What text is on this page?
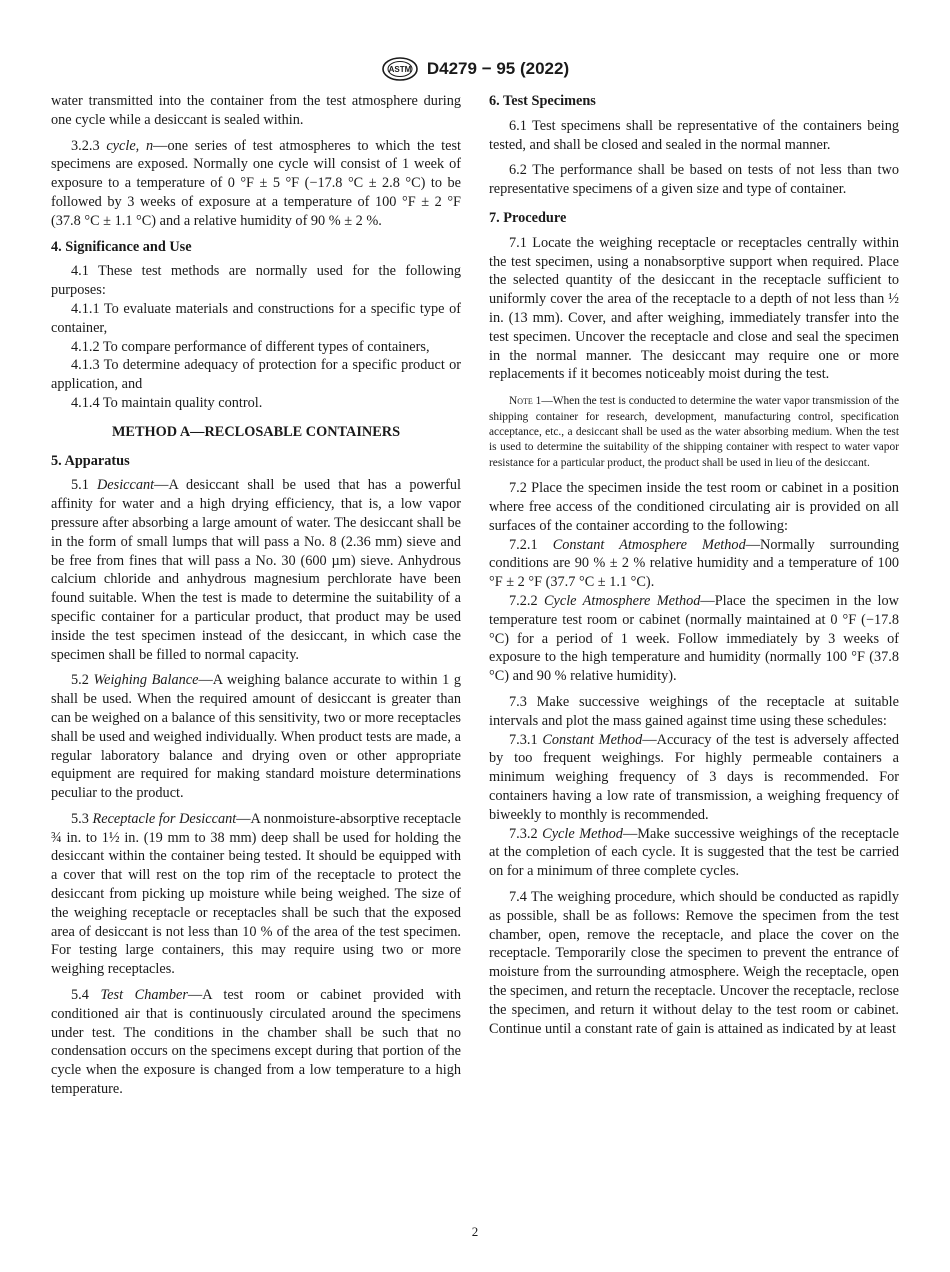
ASTM D4279 − 95 (2022)

water transmitted into the container from the test atmosphere during one cycle while a desiccant is sealed within.

3.2.3 cycle, n—one series of test atmospheres to which the test specimens are exposed. Normally one cycle will consist of 1 week of exposure to a temperature of 0 °F ± 5 °F (−17.8 °C ± 2.8 °C) to be followed by 3 weeks of exposure at a temperature of 100 °F ± 2 °F (37.8 °C ± 1.1 °C) and a relative humidity of 90 % ± 2 %.

4. Significance and Use

4.1 These test methods are normally used for the following purposes:

4.1.1 To evaluate materials and constructions for a specific type of container,

4.1.2 To compare performance of different types of containers,

4.1.3 To determine adequacy of protection for a specific product or application, and

4.1.4 To maintain quality control.

METHOD A—RECLOSABLE CONTAINERS
5. Apparatus

5.1 Desiccant—A desiccant shall be used that has a powerful affinity for water and a high drying efficiency, that is, a low vapor pressure after absorbing a large amount of water. The desiccant shall be in the form of small lumps that will pass a No. 8 (2.36 mm) sieve and be free from fines that will pass a No. 30 (600 µm) sieve. Anhydrous calcium chloride and anhydrous magnesium perchlorate have been found suitable. When the test is made to determine the suitability of a specific container for a particular product, that product may be used inside the test specimen instead of the desiccant, in which case the specimen shall be filled to normal capacity.

5.2 Weighing Balance—A weighing balance accurate to within 1 g shall be used. When the required amount of desiccant is greater than can be weighed on a balance of this sensitivity, two or more receptacles shall be used and weighed individually. When product tests are made, a regular laboratory balance and drying oven or other appropriate equipment are required for making standard moisture determinations peculiar to the product.

5.3 Receptacle for Desiccant—A nonmoisture-absorptive receptacle ¾ in. to 1½ in. (19 mm to 38 mm) deep shall be used for holding the desiccant within the container being tested. It should be equipped with a cover that will rest on the top rim of the receptacle to protect the desiccant from picking up moisture while being weighed. The size of the weighing receptacle or receptacles shall be such that the exposed area of desiccant is not less than 10 % of the area of the test specimen. For testing large containers, this may require using two or more weighing receptacles.

5.4 Test Chamber—A test room or cabinet provided with conditioned air that is continuously circulated around the specimens under test. The conditions in the chamber shall be such that no condensation occurs on the specimens except during that portion of the cycle when the exposure is changed from a low temperature to a high temperature.

6. Test Specimens

6.1 Test specimens shall be representative of the containers being tested, and shall be closed and sealed in the normal manner.

6.2 The performance shall be based on tests of not less than two representative specimens of a given size and type of container.

7. Procedure

7.1 Locate the weighing receptacle or receptacles centrally within the test specimen, using a nonabsorptive support when required. Place the selected quantity of the desiccant in the receptacle sufficient to uniformly cover the area of the receptacle to a depth of not less than ½ in. (13 mm). Cover, and after weighing, immediately transfer into the test specimen. Uncover the receptacle and close and seal the specimen in the normal manner. The desiccant may require one or more replacements if it becomes noticeably moist during the test.

Note 1—When the test is conducted to determine the water vapor transmission of the shipping container for research, development, manufacturing control, specification acceptance, etc., a desiccant shall be used as the water absorbing medium. When the test is used to determine the suitability of the shipping container with respect to water vapor resistance for a particular product, the product shall be used in lieu of the desiccant.

7.2 Place the specimen inside the test room or cabinet in a position where free access of the conditioned circulating air is provided on all surfaces of the container according to the following:

7.2.1 Constant Atmosphere Method—Normally surrounding conditions are 90 % ± 2 % relative humidity and a temperature of 100 °F ± 2 °F (37.7 °C ± 1.1 °C).

7.2.2 Cycle Atmosphere Method—Place the specimen in the low temperature test room or cabinet (normally maintained at 0 °F (−17.8 °C) for a period of 1 week. Follow immediately by 3 weeks of exposure to the high temperature and humidity (normally 100 °F (37.8 °C) and 90 % relative humidity).

7.3 Make successive weighings of the receptacle at suitable intervals and plot the mass gained against time using these schedules:

7.3.1 Constant Method—Accuracy of the test is adversely affected by too frequent weighings. For highly permeable containers a minimum weighing frequency of 3 days is recommended. For containers having a low rate of transmission, a weighing frequency of biweekly to monthly is recommended.

7.3.2 Cycle Method—Make successive weighings of the receptacle at the completion of each cycle. It is suggested that the test be carried on for a minimum of three complete cycles.

7.4 The weighing procedure, which should be conducted as rapidly as possible, shall be as follows: Remove the specimen from the test chamber, open, remove the receptacle, and place the cover on the receptacle. Temporarily close the specimen to prevent the entrance of moisture from the surrounding atmosphere. Weigh the receptacle, open the specimen, and return the receptacle. Uncover the receptacle, reclose the specimen, and return it without delay to the test room or cabinet. Continue until a constant rate of gain is attained as indicated by at least

2
